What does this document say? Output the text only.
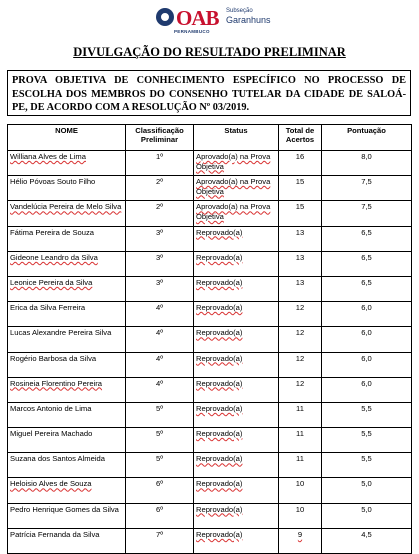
OAB Subseção
Garanhuns
PERNAMBUCO
DIVULGAÇÃO DO RESULTADO PRELIMINAR
PROVA OBJETIVA DE CONHECIMENTO ESPECÍFICO NO PROCESSO DE ESCOLHA DOS MEMBROS DO CONSENHO TUTELAR DA CIDADE DE SALOÁ-PE, DE ACORDO COM A RESOLUÇÃO Nº 03/2019.
NOME	Classificação Preliminar	Status	Total de Acertos	Pontuação
Williana Alves de Lima	1º	Aprovado(a) na Prova Objetiva	16	8,0
Hélio Póvoas Souto Filho	2º	Aprovado(a) na Prova Objetiva	15	7,5
Vandelúcia Pereira de Melo Silva	2º	Aprovado(a) na Prova Objetiva	15	7,5
Fátima Pereira de Souza	3º	Reprovado(a)	13	6,5
Gideone Leandro da Silva	3º	Reprovado(a)	13	6,5
Leonice Pereira da Silva	3º	Reprovado(a)	13	6,5
Erica da Silva Ferreira	4º	Reprovado(a)	12	6,0
Lucas Alexandre Pereira Silva	4º	Reprovado(a)	12	6,0
Rogério Barbosa da Silva	4º	Reprovado(a)	12	6,0
Rosineia Florentino Pereira	4º	Reprovado(a)	12	6,0
Marcos Antonio de Lima	5º	Reprovado(a)	11	5,5
Miguel Pereira Machado	5º	Reprovado(a)	11	5,5
Suzana dos Santos Almeida	5º	Reprovado(a)	11	5,5
Heloisio Alves de Souza	6º	Reprovado(a)	10	5,0
Pedro Henrique Gomes da Silva	6º	Reprovado(a)	10	5,0
Patrícia Fernanda da Silva	7º	Reprovado(a)	9	4,5
